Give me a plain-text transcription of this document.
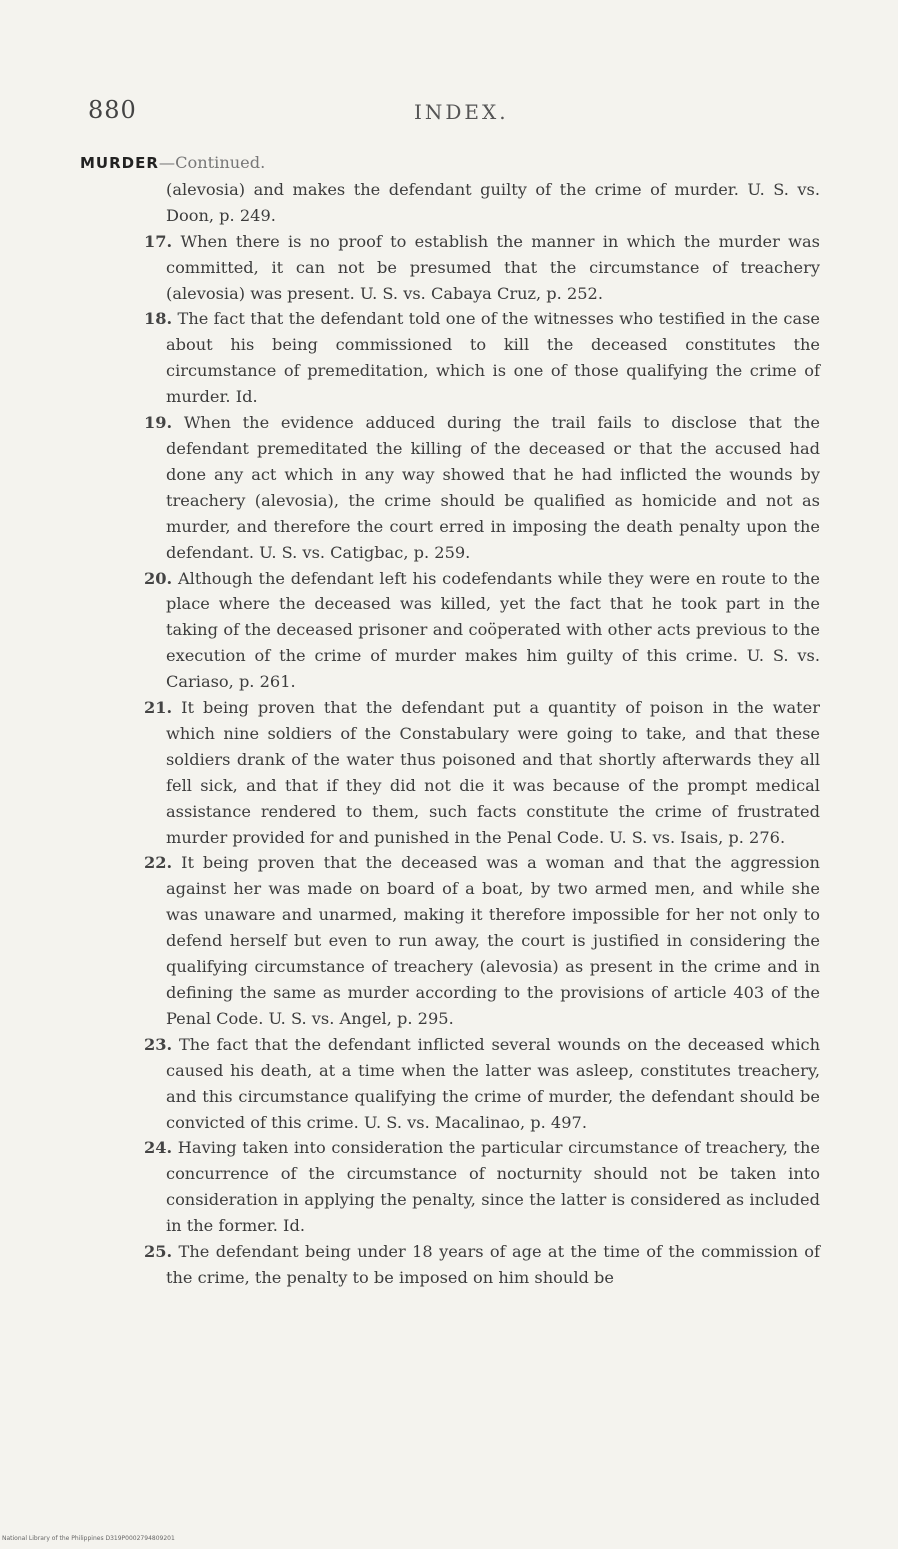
880	INDEX.

MURDER—Continued.

(alevosia) and makes the defendant guilty of the crime of murder. U. S. vs. Doon, p. 249.

17. When there is no proof to establish the manner in which the murder was committed, it can not be presumed that the circumstance of treachery (alevosia) was present. U. S. vs. Cabaya Cruz, p. 252.

18. The fact that the defendant told one of the witnesses who testified in the case about his being commissioned to kill the deceased constitutes the circumstance of premeditation, which is one of those qualifying the crime of murder. Id.

19. When the evidence adduced during the trail fails to disclose that the defendant premeditated the killing of the deceased or that the accused had done any act which in any way showed that he had inflicted the wounds by treachery (alevosia), the crime should be qualified as homicide and not as murder, and therefore the court erred in imposing the death penalty upon the defendant. U. S. vs. Catigbac, p. 259.

20. Although the defendant left his codefendants while they were en route to the place where the deceased was killed, yet the fact that he took part in the taking of the deceased prisoner and coöperated with other acts previous to the execution of the crime of murder makes him guilty of this crime. U. S. vs. Cariaso, p. 261.

21. It being proven that the defendant put a quantity of poison in the water which nine soldiers of the Constabulary were going to take, and that these soldiers drank of the water thus poisoned and that shortly afterwards they all fell sick, and that if they did not die it was because of the prompt medical assistance rendered to them, such facts constitute the crime of frustrated murder provided for and punished in the Penal Code. U. S. vs. Isais, p. 276.

22. It being proven that the deceased was a woman and that the aggression against her was made on board of a boat, by two armed men, and while she was unaware and unarmed, making it therefore impossible for her not only to defend herself but even to run away, the court is justified in considering the qualifying circumstance of treachery (alevosia) as present in the crime and in defining the same as murder according to the provisions of article 403 of the Penal Code. U. S. vs. Angel, p. 295.

23. The fact that the defendant inflicted several wounds on the deceased which caused his death, at a time when the latter was asleep, constitutes treachery, and this circumstance qualifying the crime of murder, the defendant should be convicted of this crime. U. S. vs. Macalinao, p. 497.

24. Having taken into consideration the particular circumstance of treachery, the concurrence of the circumstance of nocturnity should not be taken into consideration in applying the penalty, since the latter is considered as included in the former. Id.

25. The defendant being under 18 years of age at the time of the commission of the crime, the penalty to be imposed on him should be

National Library of the Philippines D319P0002794809201
